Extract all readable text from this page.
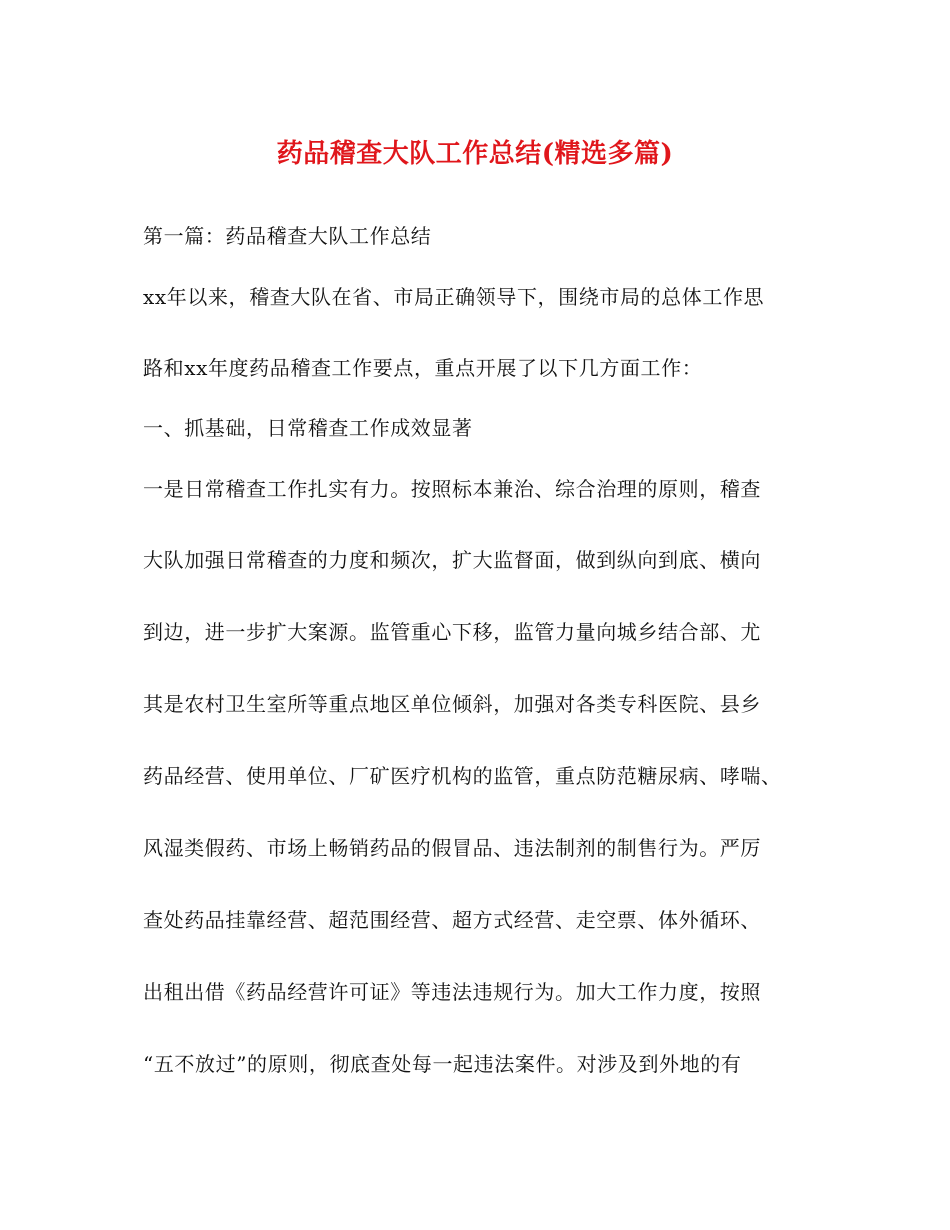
药品稽查大队工作总结(精选多篇)
第一篇：药品稽查大队工作总结
xx年以来，稽查大队在省、市局正确领导下，围绕市局的总体工作思
路和xx年度药品稽查工作要点，重点开展了以下几方面工作：
一、抓基础，日常稽查工作成效显著
一是日常稽查工作扎实有力。按照标本兼治、综合治理的原则，稽查
大队加强日常稽查的力度和频次，扩大监督面，做到纵向到底、横向
到边，进一步扩大案源。监管重心下移，监管力量向城乡结合部、尤
其是农村卫生室所等重点地区单位倾斜，加强对各类专科医院、县乡
药品经营、使用单位、厂矿医疗机构的监管，重点防范糖尿病、哮喘、
风湿类假药、市场上畅销药品的假冒品、违法制剂的制售行为。严厉
查处药品挂靠经营、超范围经营、超方式经营、走空票、体外循环、
出租出借《药品经营许可证》等违法违规行为。加大工作力度，按照
“五不放过”的原则，彻底查处每一起违法案件。对涉及到外地的有
